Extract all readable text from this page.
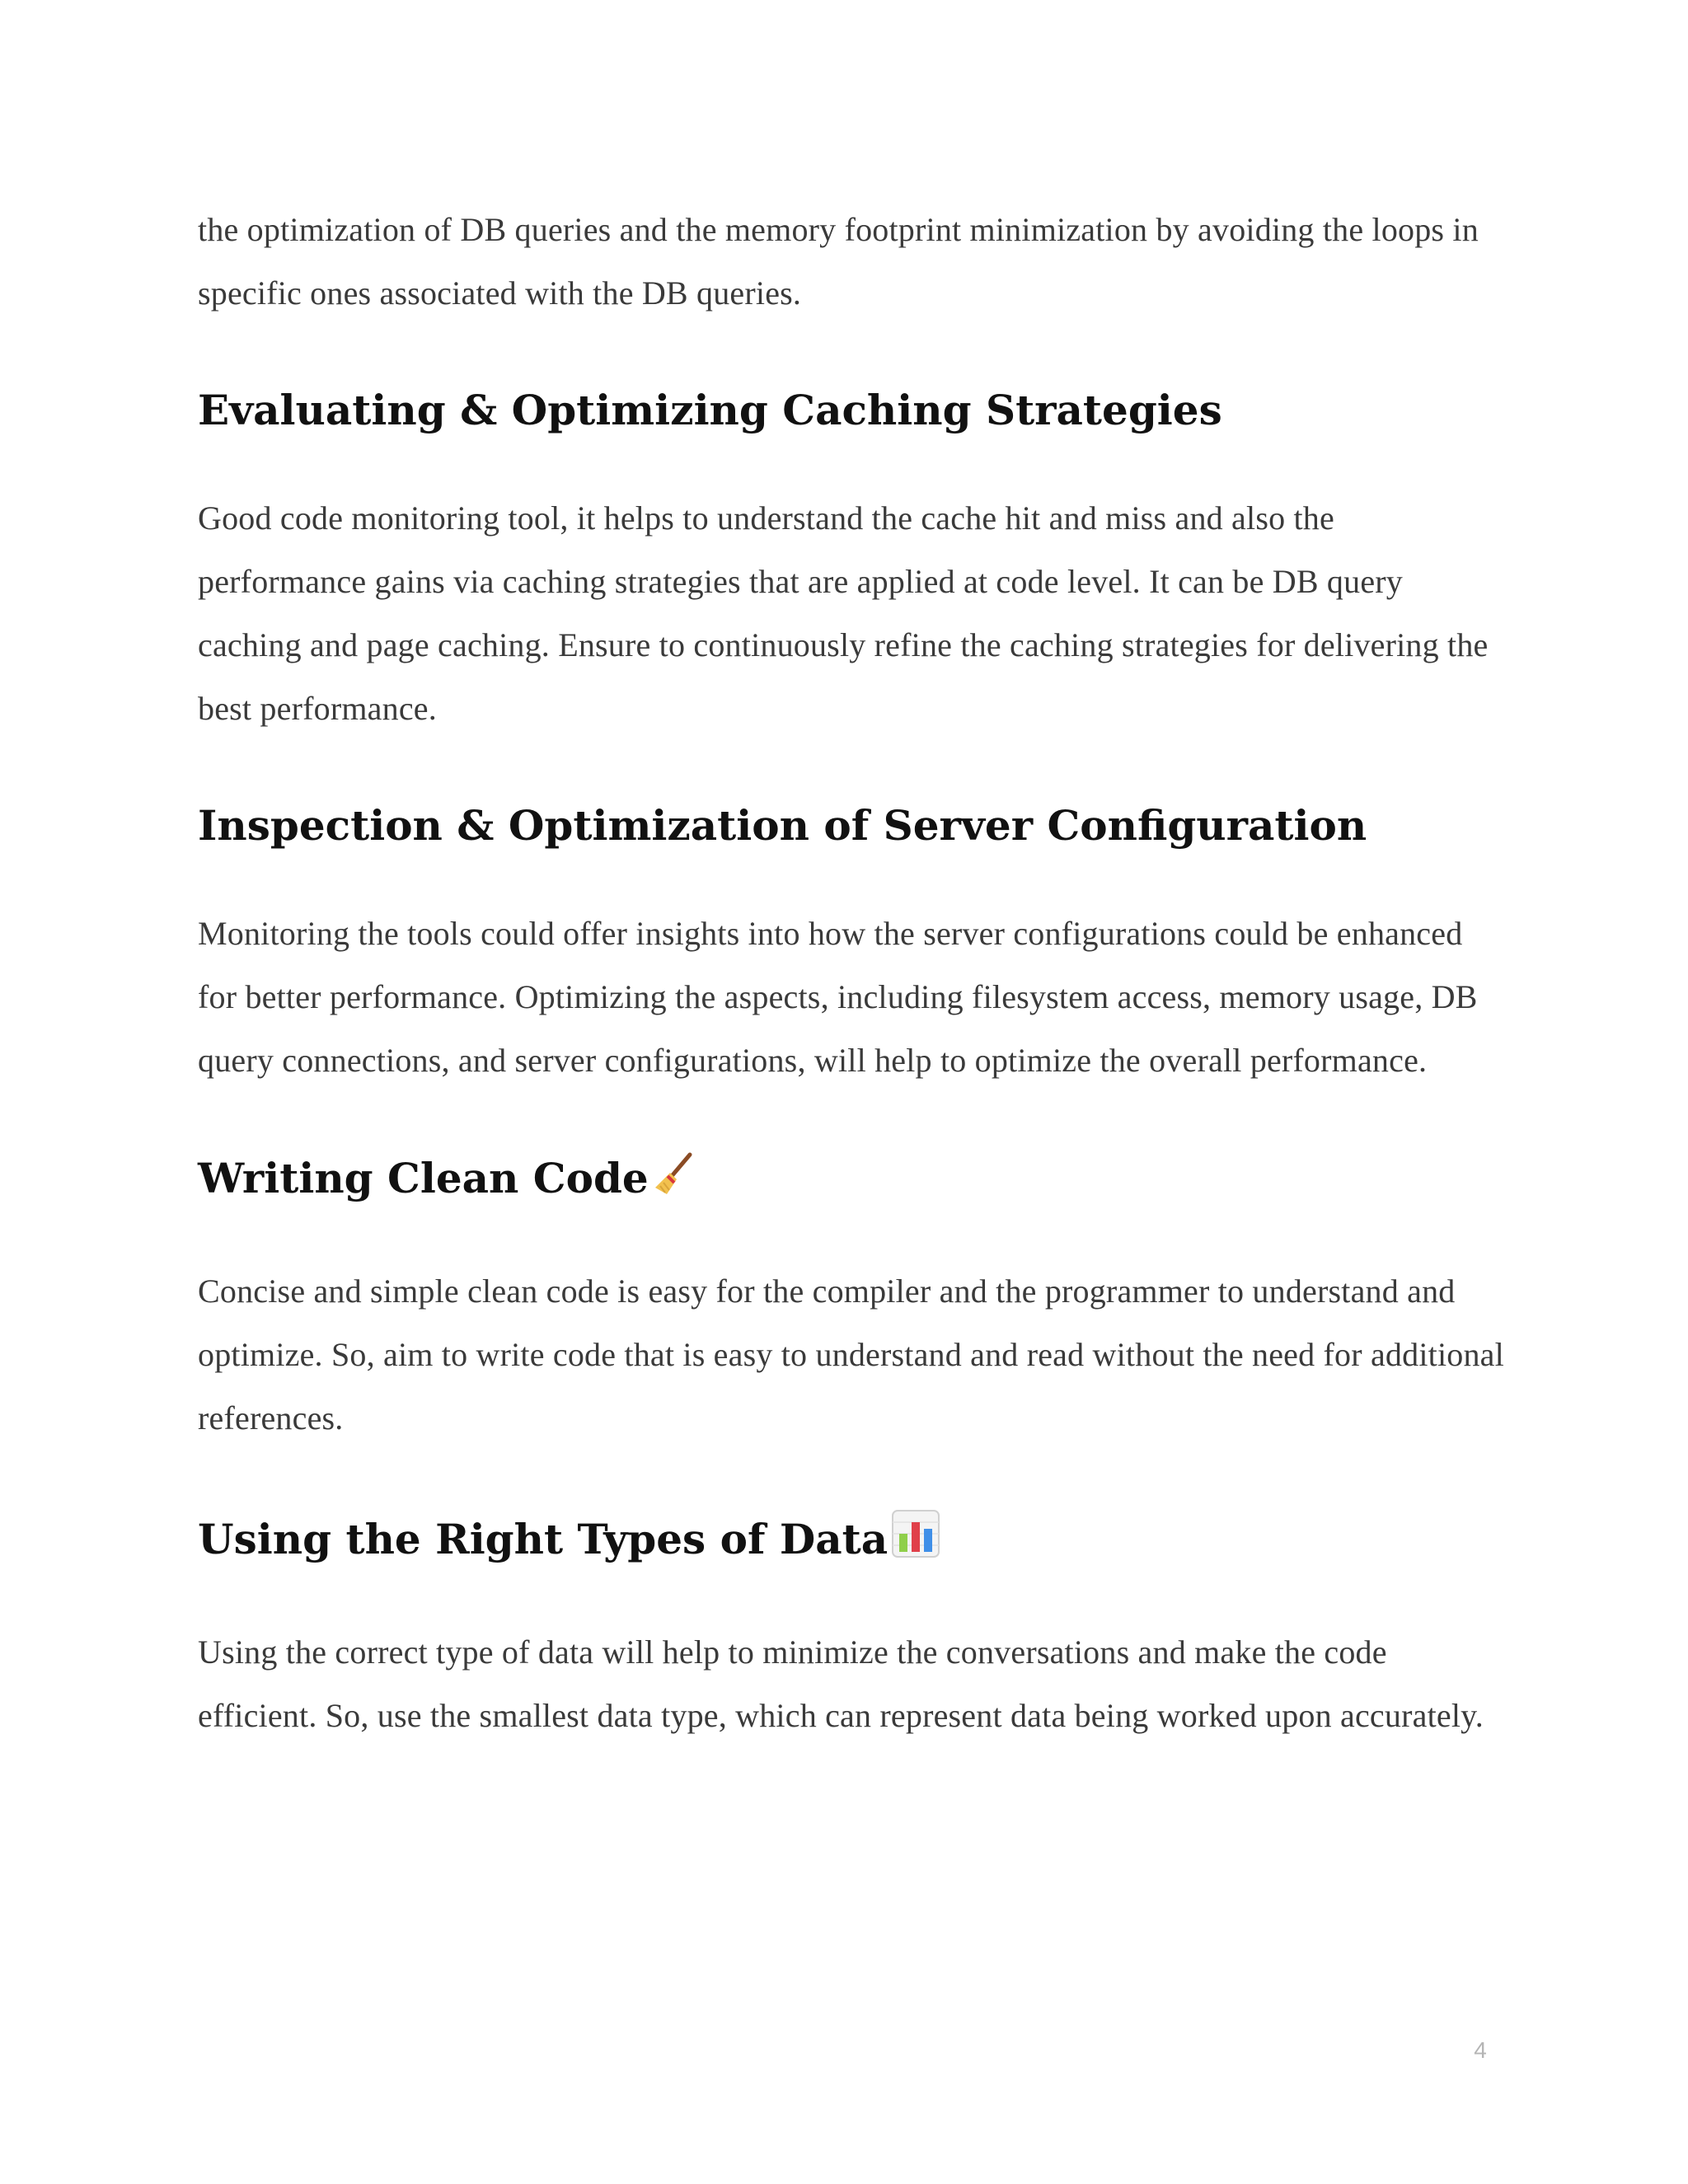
the optimization of DB queries and the memory footprint minimization by avoiding the loops in specific ones associated with the DB queries.

Evaluating & Optimizing Caching Strategies

Good code monitoring tool, it helps to understand the cache hit and miss and also the performance gains via caching strategies that are applied at code level. It can be DB query caching and page caching. Ensure to continuously refine the caching strategies for delivering the best performance.

Inspection & Optimization of Server Configuration

Monitoring the tools could offer insights into how the server configurations could be enhanced for better performance. Optimizing the aspects, including filesystem access, memory usage, DB query connections, and server configurations, will help to optimize the overall performance.

Writing Clean Code

Concise and simple clean code is easy for the compiler and the programmer to understand and optimize. So, aim to write code that is easy to understand and read without the need for additional references.

Using the Right Types of Data

Using the correct type of data will help to minimize the conversations and make the code efficient. So, use the smallest data type, which can represent data being worked upon accurately.

4
